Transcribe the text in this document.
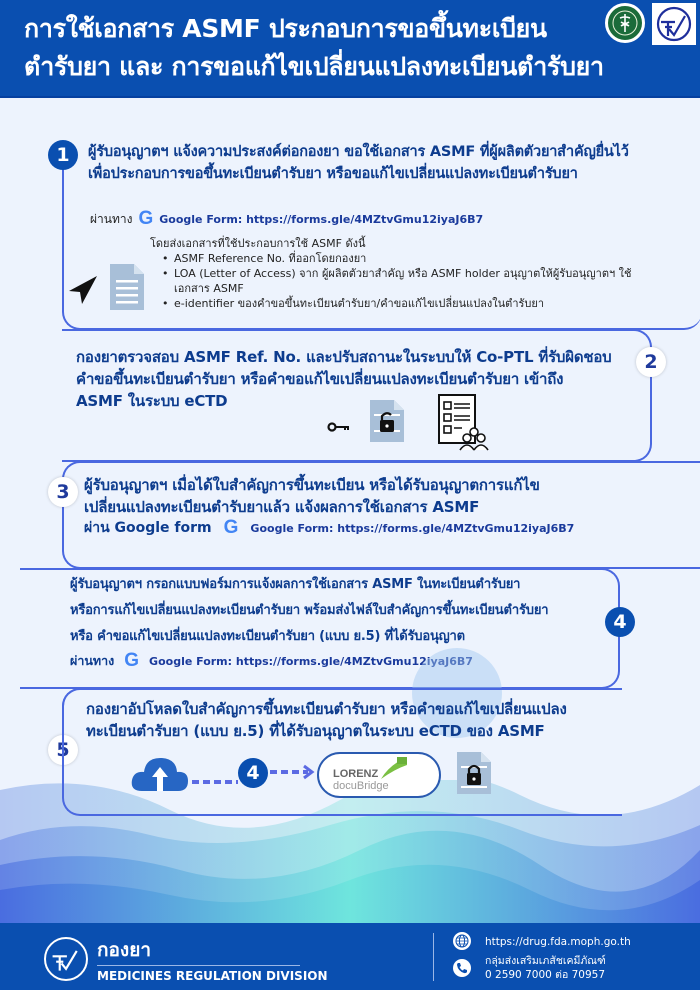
การใช้เอกสาร ASMF ประกอบการขอขึ้นทะเบียน
ตำรับยา และ การขอแก้ไขเปลี่ยนแปลงทะเบียนตำรับยา
1 ผู้รับอนุญาตฯ แจ้งความประสงค์ต่อกองยา ขอใช้เอกสาร ASMF ที่ผู้ผลิตตัวยาสำคัญยื่นไว้
เพื่อประกอบการขอขึ้นทะเบียนตำรับยา หรือขอแก้ไขเปลี่ยนแปลงทะเบียนตำรับยา
ผ่านทาง G Google Form: https://forms.gle/4MZtvGmu12iyaJ6B7
โดยส่งเอกสารที่ใช้ประกอบการใช้ ASMF ดังนี้
• ASMF Reference No. ที่ออกโดยกองยา
• LOA (Letter of Access) จาก ผู้ผลิตตัวยาสำคัญ หรือ ASMF holder อนุญาตให้ผู้รับอนุญาตฯ ใช้
เอกสาร ASMF
• e-identifier ของคำขอขึ้นทะเบียนตำรับยา/คำขอแก้ไขเปลี่ยนแปลงในตำรับยา
2
กองยาตรวจสอบ ASMF Ref. No. และปรับสถานะในระบบให้ Co-PTL ที่รับผิดชอบ
คำขอขึ้นทะเบียนตำรับยา หรือคำขอแก้ไขเปลี่ยนแปลงทะเบียนตำรับยา เข้าถึง
ASMF ในระบบ eCTD
3 ผู้รับอนุญาตฯ เมื่อได้ใบสำคัญการขึ้นทะเบียน หรือได้รับอนุญาตการแก้ไข
เปลี่ยนแปลงทะเบียนตำรับยาแล้ว แจ้งผลการใช้เอกสาร ASMF
ผ่าน Google form G Google Form: https://forms.gle/4MZtvGmu12iyaJ6B7
4
ผู้รับอนุญาตฯ กรอกแบบฟอร์มการแจ้งผลการใช้เอกสาร ASMF ในทะเบียนตำรับยา
หรือการแก้ไขเปลี่ยนแปลงทะเบียนตำรับยา พร้อมส่งไฟล์ใบสำคัญการขึ้นทะเบียนตำรับยา
หรือ คำขอแก้ไขเปลี่ยนแปลงทะเบียนตำรับยา (แบบ ย.5) ที่ได้รับอนุญาต
ผ่านทาง G Google Form: https://forms.gle/4MZtvGmu12iyaJ6B7
5
กองยาอัปโหลดใบสำคัญการขึ้นทะเบียนตำรับยา หรือคำขอแก้ไขเปลี่ยนแปลง
ทะเบียนตำรับยา (แบบ ย.5) ที่ได้รับอนุญาตในระบบ eCTD ของ ASMF
4	LORENZ
docuBridge
กองยา
MEDICINES REGULATION DIVISION
https://drug.fda.moph.go.th
กลุ่มส่งเสริมเภสัชเคมีภัณฑ์
0 2590 7000 ต่อ 70957
